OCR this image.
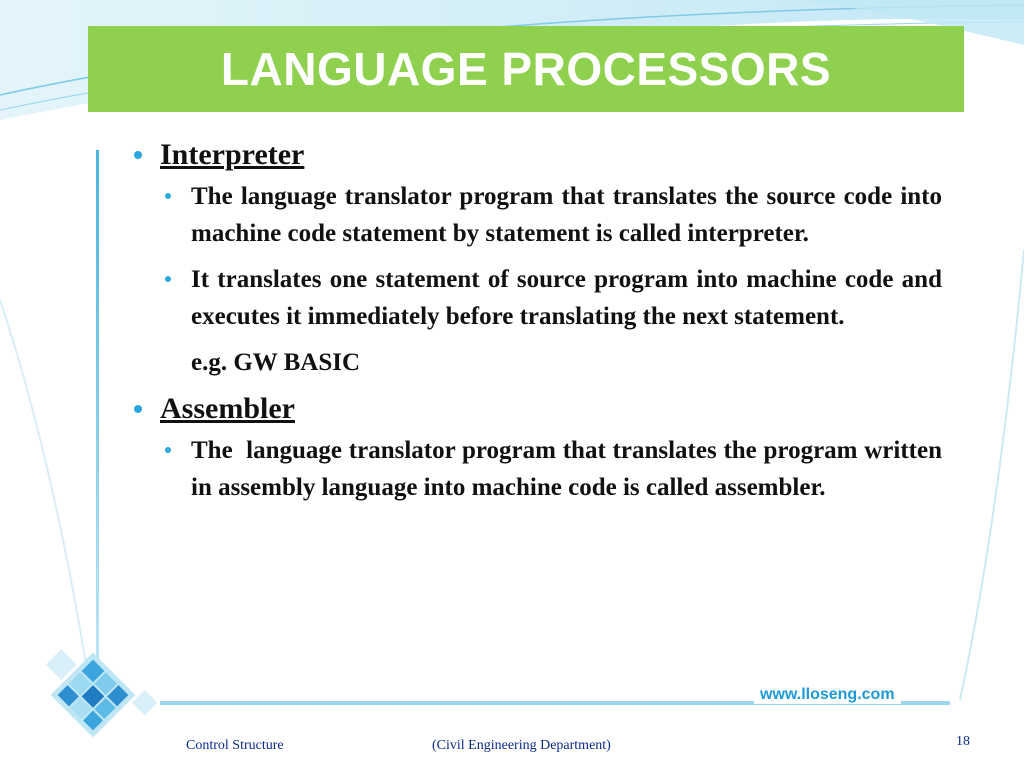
LANGUAGE PROCESSORS
Interpreter
The language translator program that translates the source code into machine code statement by statement is called interpreter.
It translates one statement of source program into machine code and executes it immediately before translating the next statement.
e.g. GW BASIC
Assembler
The  language translator program that translates the program written in assembly language into machine code is called assembler.
www.lloseng.com
Control Structure	(Civil Engineering Department)	18
